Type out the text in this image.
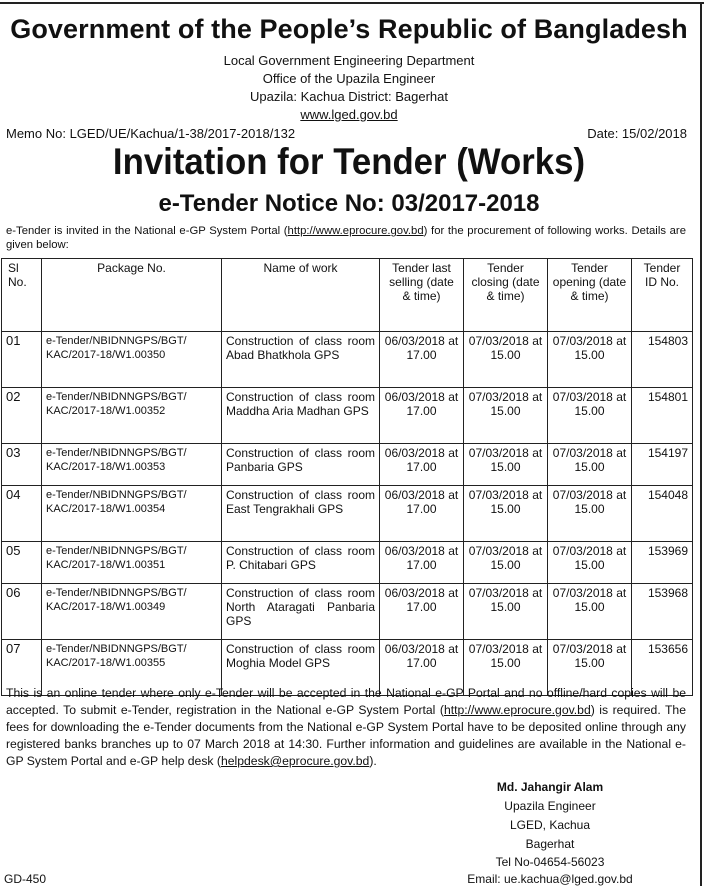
Government of the People’s Republic of Bangladesh
Local Government Engineering Department
Office of the Upazila Engineer
Upazila: Kachua District: Bagerhat
www.lged.gov.bd
Memo No: LGED/UE/Kachua/1-38/2017-2018/132	Date: 15/02/2018
Invitation for Tender (Works)
e-Tender Notice No: 03/2017-2018
e-Tender is invited in the National e-GP System Portal (http://www.eprocure.gov.bd) for the procurement of following works. Details are given below:
Sl No.	Package No.	Name of work	Tender last selling (date & time)	Tender closing (date & time)	Tender opening (date & time)	Tender ID No.
01	e-Tender/NBIDNNGPS/BGT/ KAC/2017-18/W1.00350	Construction of class room Abad Bhatkhola GPS	06/03/2018 at 17.00	07/03/2018 at 15.00	07/03/2018 at 15.00	154803
02	e-Tender/NBIDNNGPS/BGT/ KAC/2017-18/W1.00352	Construction of class room Maddha Aria Madhan GPS	06/03/2018 at 17.00	07/03/2018 at 15.00	07/03/2018 at 15.00	154801
03	e-Tender/NBIDNNGPS/BGT/ KAC/2017-18/W1.00353	Construction of class room Panbaria GPS	06/03/2018 at 17.00	07/03/2018 at 15.00	07/03/2018 at 15.00	154197
04	e-Tender/NBIDNNGPS/BGT/ KAC/2017-18/W1.00354	Construction of class room East Tengrakhali GPS	06/03/2018 at 17.00	07/03/2018 at 15.00	07/03/2018 at 15.00	154048
05	e-Tender/NBIDNNGPS/BGT/ KAC/2017-18/W1.00351	Construction of class room P. Chitabari GPS	06/03/2018 at 17.00	07/03/2018 at 15.00	07/03/2018 at 15.00	153969
06	e-Tender/NBIDNNGPS/BGT/ KAC/2017-18/W1.00349	Construction of class room North Ataragati Panbaria GPS	06/03/2018 at 17.00	07/03/2018 at 15.00	07/03/2018 at 15.00	153968
07	e-Tender/NBIDNNGPS/BGT/ KAC/2017-18/W1.00355	Construction of class room Moghia Model GPS	06/03/2018 at 17.00	07/03/2018 at 15.00	07/03/2018 at 15.00	153656
This is an online tender where only e-Tender will be accepted in the National e-GP Portal and no offline/hard copies will be accepted. To submit e-Tender, registration in the National e-GP System Portal (http://www.eprocure.gov.bd) is required. The fees for downloading the e-Tender documents from the National e-GP System Portal have to be deposited online through any registered banks branches up to 07 March 2018 at 14:30. Further information and guidelines are available in the National e-GP System Portal and e-GP help desk (helpdesk@eprocure.gov.bd).
Md. Jahangir Alam
Upazila Engineer
LGED, Kachua
Bagerhat
Tel No-04654-56023
Email: ue.kachua@lged.gov.bd
GD-450
